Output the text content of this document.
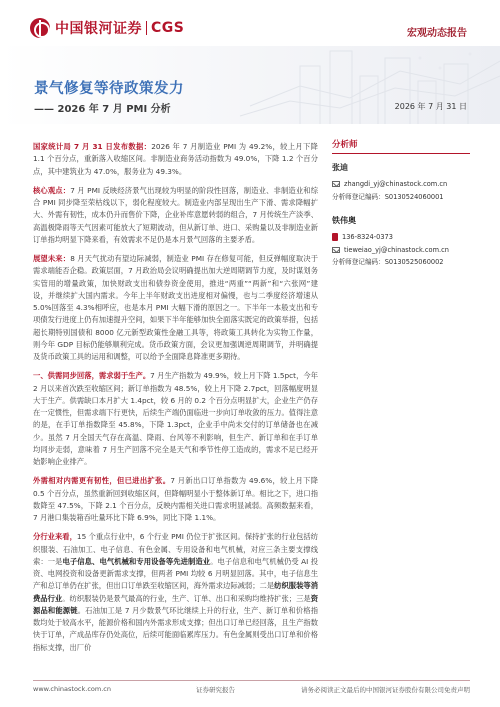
中国银河证券 CGS	宏观动态报告
景气修复等待政策发力
—— 2026 年 7 月 PMI 分析	2026 年 7 月 31 日

国家统计局 7 月 31 日发布数据：2026 年 7 月制造业 PMI 为 49.2%，较上月下降 1.1 个百分点，重新落入收缩区间。非制造业商务活动指数为 49.0%，下降 1.2 个百分点，其中建筑业为 47.0%，服务业为 49.3%。

核心观点：7 月 PMI 反映经济景气出现较为明显的阶段性回落，制造业、非制造业和综合 PMI 同步降至荣枯线以下，弱化程度较大。制造业内部呈现出生产下滑、需求降幅扩大、外需有韧性，成本仍升而售价下降，企业补库意愿转弱的组合，7 月传统生产淡季、高温极降雨等天气因素可能放大了短期波动，但从新订单、进口、采购量以及非制造业新订单指均明显下降来看，有效需求不足仍是本月景气回落的主要矛盾。

展望未来：8 月天气扰动有望边际减弱，制造业 PMI 存在修复可能，但反弹幅度取决于需求端能否企稳。政策层面，7 月政治局会议明确提出加大逆周期调节力度，及时谋划务实管用的增量政策，加快财政支出和债券资金使用，推进“两重”“两新”和“六张网”建设，并继续扩大国内需求。今年上半年财政支出进度相对偏慢，也与二季度经济增速从 5.0%回落至 4.3%相呼应，也是本月 PMI 大幅下滑的原因之一。下半年一本般支出和专项债发行进度上仍有加速提升空间，如果下半年能够加快全面落实既定的政策举措，包括超长期特别国债和 8000 亿元新型政策性金融工具等，将政策工具转化为实物工作量，则今年 GDP 目标仍能够顺利完成。货币政策方面，会议更加强调逆周期调节，并明确提及货币政策工具的运用和调整，可以给予全面降息降准更多期待。

一、供需同步回落，需求弱于生产。7 月生产指数为 49.9%，较上月下降 1.5pct，今年 2 月以来首次跌至收缩区间；新订单指数为 48.5%，较上月下降 2.7pct，回落幅度明显大于生产。供需缺口本月扩大 1.4pct，较 6 月的 0.2 个百分点明显扩大，企业生产仍存在一定惯性，但需求端下行更快，后续生产端仍面临进一步向订单收敛的压力。值得注意的是，在手订单指数降至 45.8%，下降 1.3pct，企业手中尚未交付的订单储备也在减少。虽然 7 月全国天气存在高温、降雨、台风等不利影响，但生产、新订单和在手订单均同步走弱，意味着 7 月生产回落不完全是天气和季节性停工造成的，需求不足已经开始影响企业排产。

外需相对内需更有韧性，但已进出扩张。7 月新出口订单指数为 49.6%，较上月下降 0.5 个百分点，虽然重新回到收缩区间，但降幅明显小于整体新订单。相比之下，进口指数降至 47.5%，下降 2.1 个百分点，反映内需相关进口需求明显减弱。高频数据来看，7 月港口集装箱吞吐量环比下降 6.9%，同比下降 1.1%。

分行业来看，15 个重点行业中，6 个行业 PMI 仍位于扩张区间。保持扩张的行业包括纺织服装、石油加工、电子信息、有色金属、专用设备和电气机械，对应三条主要支撑线索：一是电子信息、电气机械和专用设备等先进制造业。电子信息和电气机械仍受 AI 投资、电网投资和设备更新需求支撑，但两者 PMI 均较 6 月明显回落。其中，电子信息生产和总订单仍在扩张，但出口订单跌至收缩区间，海外需求边际减弱；二是纺织服装等消费品行业。纺织服装仍是景气最高的行业，生产、订单、出口和采购均维持扩张；三是资源品和能源链。石油加工是 7 月少数景气环比继续上升的行业，生产、新订单和价格指数均处于较高水平，能源价格和国内外需求形成支撑；但出口订单已经回落，且生产指数快于订单，产成品库存仍处高位，后续可能面临累库压力。有色金属则受出口订单和价格指标支撑，出厂价

分析师
张迪
zhangdi_yj@chinastock.com.cn
分析师登记编码：S0130524060001
铁伟奥
136-8324-0373
tieweiao_yj@chinastock.com.cn
分析师登记编码：S0130525060002
www.chinastock.com.cn	证券研究报告	请务必阅读正文最后的中国银河证券股份有限公司免责声明
